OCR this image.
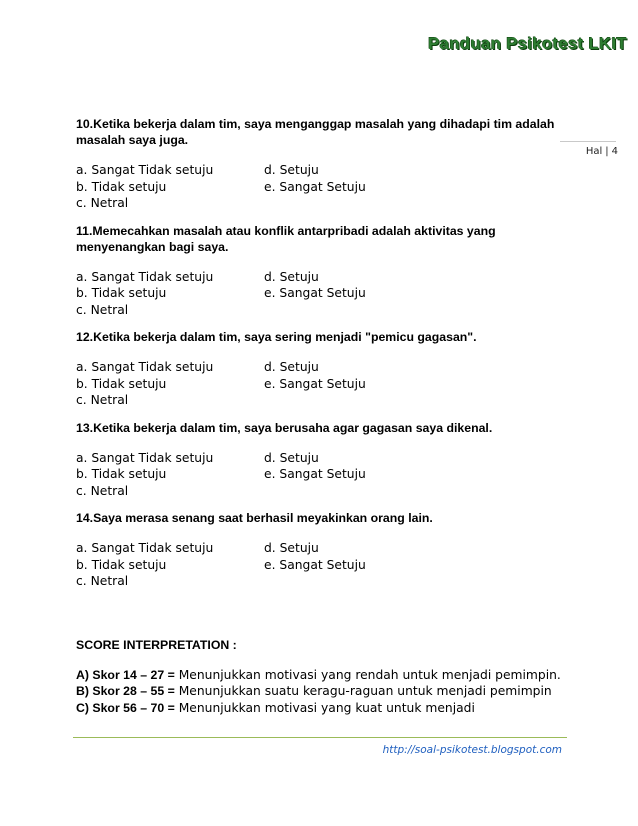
Panduan Psikotest LKIT
Hal | 4
10.Ketika bekerja dalam tim, saya menganggap masalah yang dihadapi tim adalah masalah saya juga.
a. Sangat Tidak setuju	d. Setuju
b. Tidak setuju	e. Sangat Setuju
c. Netral
11.Memecahkan masalah atau konflik antarpribadi adalah aktivitas yang menyenangkan bagi saya.
a. Sangat Tidak setuju	d. Setuju
b. Tidak setuju	e. Sangat Setuju
c. Netral
12.Ketika bekerja dalam tim, saya sering menjadi "pemicu gagasan".
a. Sangat Tidak setuju	d. Setuju
b. Tidak setuju	e. Sangat Setuju
c. Netral
13.Ketika bekerja dalam tim, saya berusaha agar gagasan saya dikenal.
a. Sangat Tidak setuju	d. Setuju
b. Tidak setuju	e. Sangat Setuju
c. Netral
14.Saya merasa senang saat berhasil meyakinkan orang lain.
a. Sangat Tidak setuju	d. Setuju
b. Tidak setuju	e. Sangat Setuju
c. Netral
SCORE INTERPRETATION :
A) Skor 14 – 27 = Menunjukkan motivasi yang rendah untuk menjadi pemimpin.
B) Skor 28 – 55 = Menunjukkan suatu keragu-raguan untuk menjadi pemimpin
C) Skor 56 – 70 = Menunjukkan motivasi yang kuat untuk menjadi
http://soal-psikotest.blogspot.com
